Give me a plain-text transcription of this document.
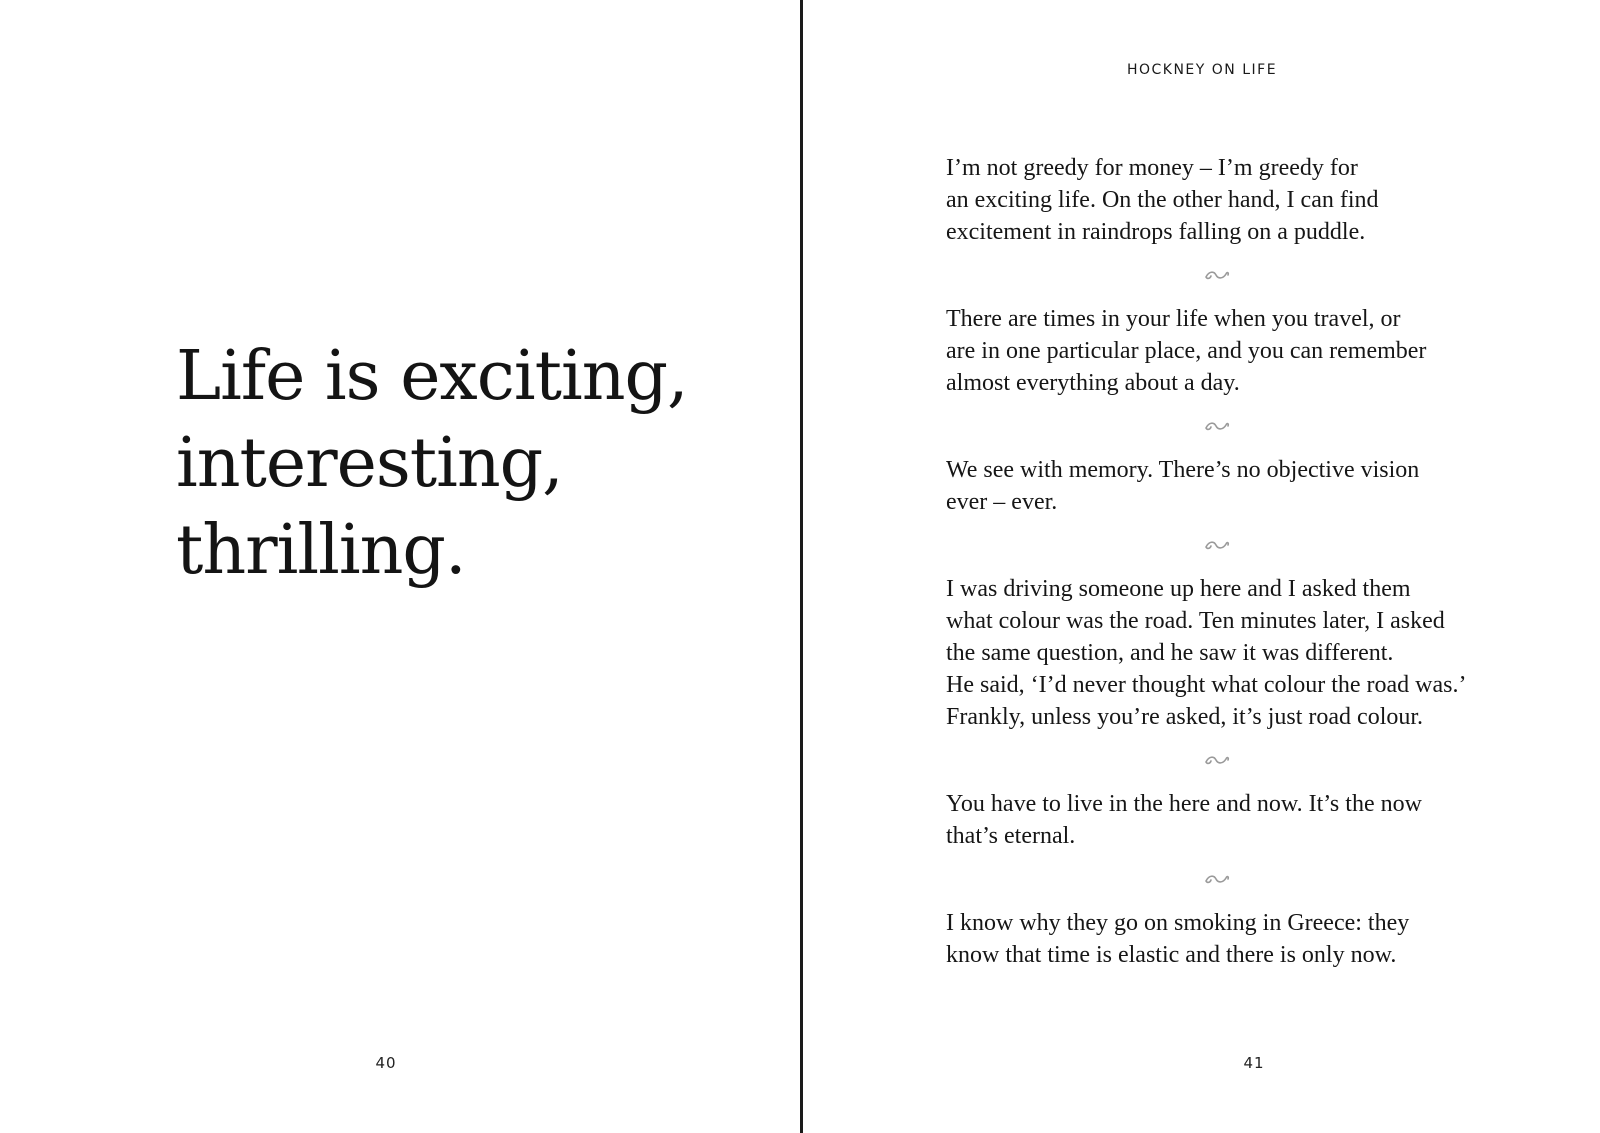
Life is exciting,
interesting,
thrilling.
40
HOCKNEY ON LIFE

I’m not greedy for money – I’m greedy for
an exciting life. On the other hand, I can find
excitement in raindrops falling on a puddle.

There are times in your life when you travel, or
are in one particular place, and you can remember
almost everything about a day.

We see with memory. There’s no objective vision
ever – ever.

I was driving someone up here and I asked them
what colour was the road. Ten minutes later, I asked
the same question, and he saw it was different.
He said, ‘I’d never thought what colour the road was.’
Frankly, unless you’re asked, it’s just road colour.

You have to live in the here and now. It’s the now
that’s eternal.

I know why they go on smoking in Greece: they
know that time is elastic and there is only now.

41
